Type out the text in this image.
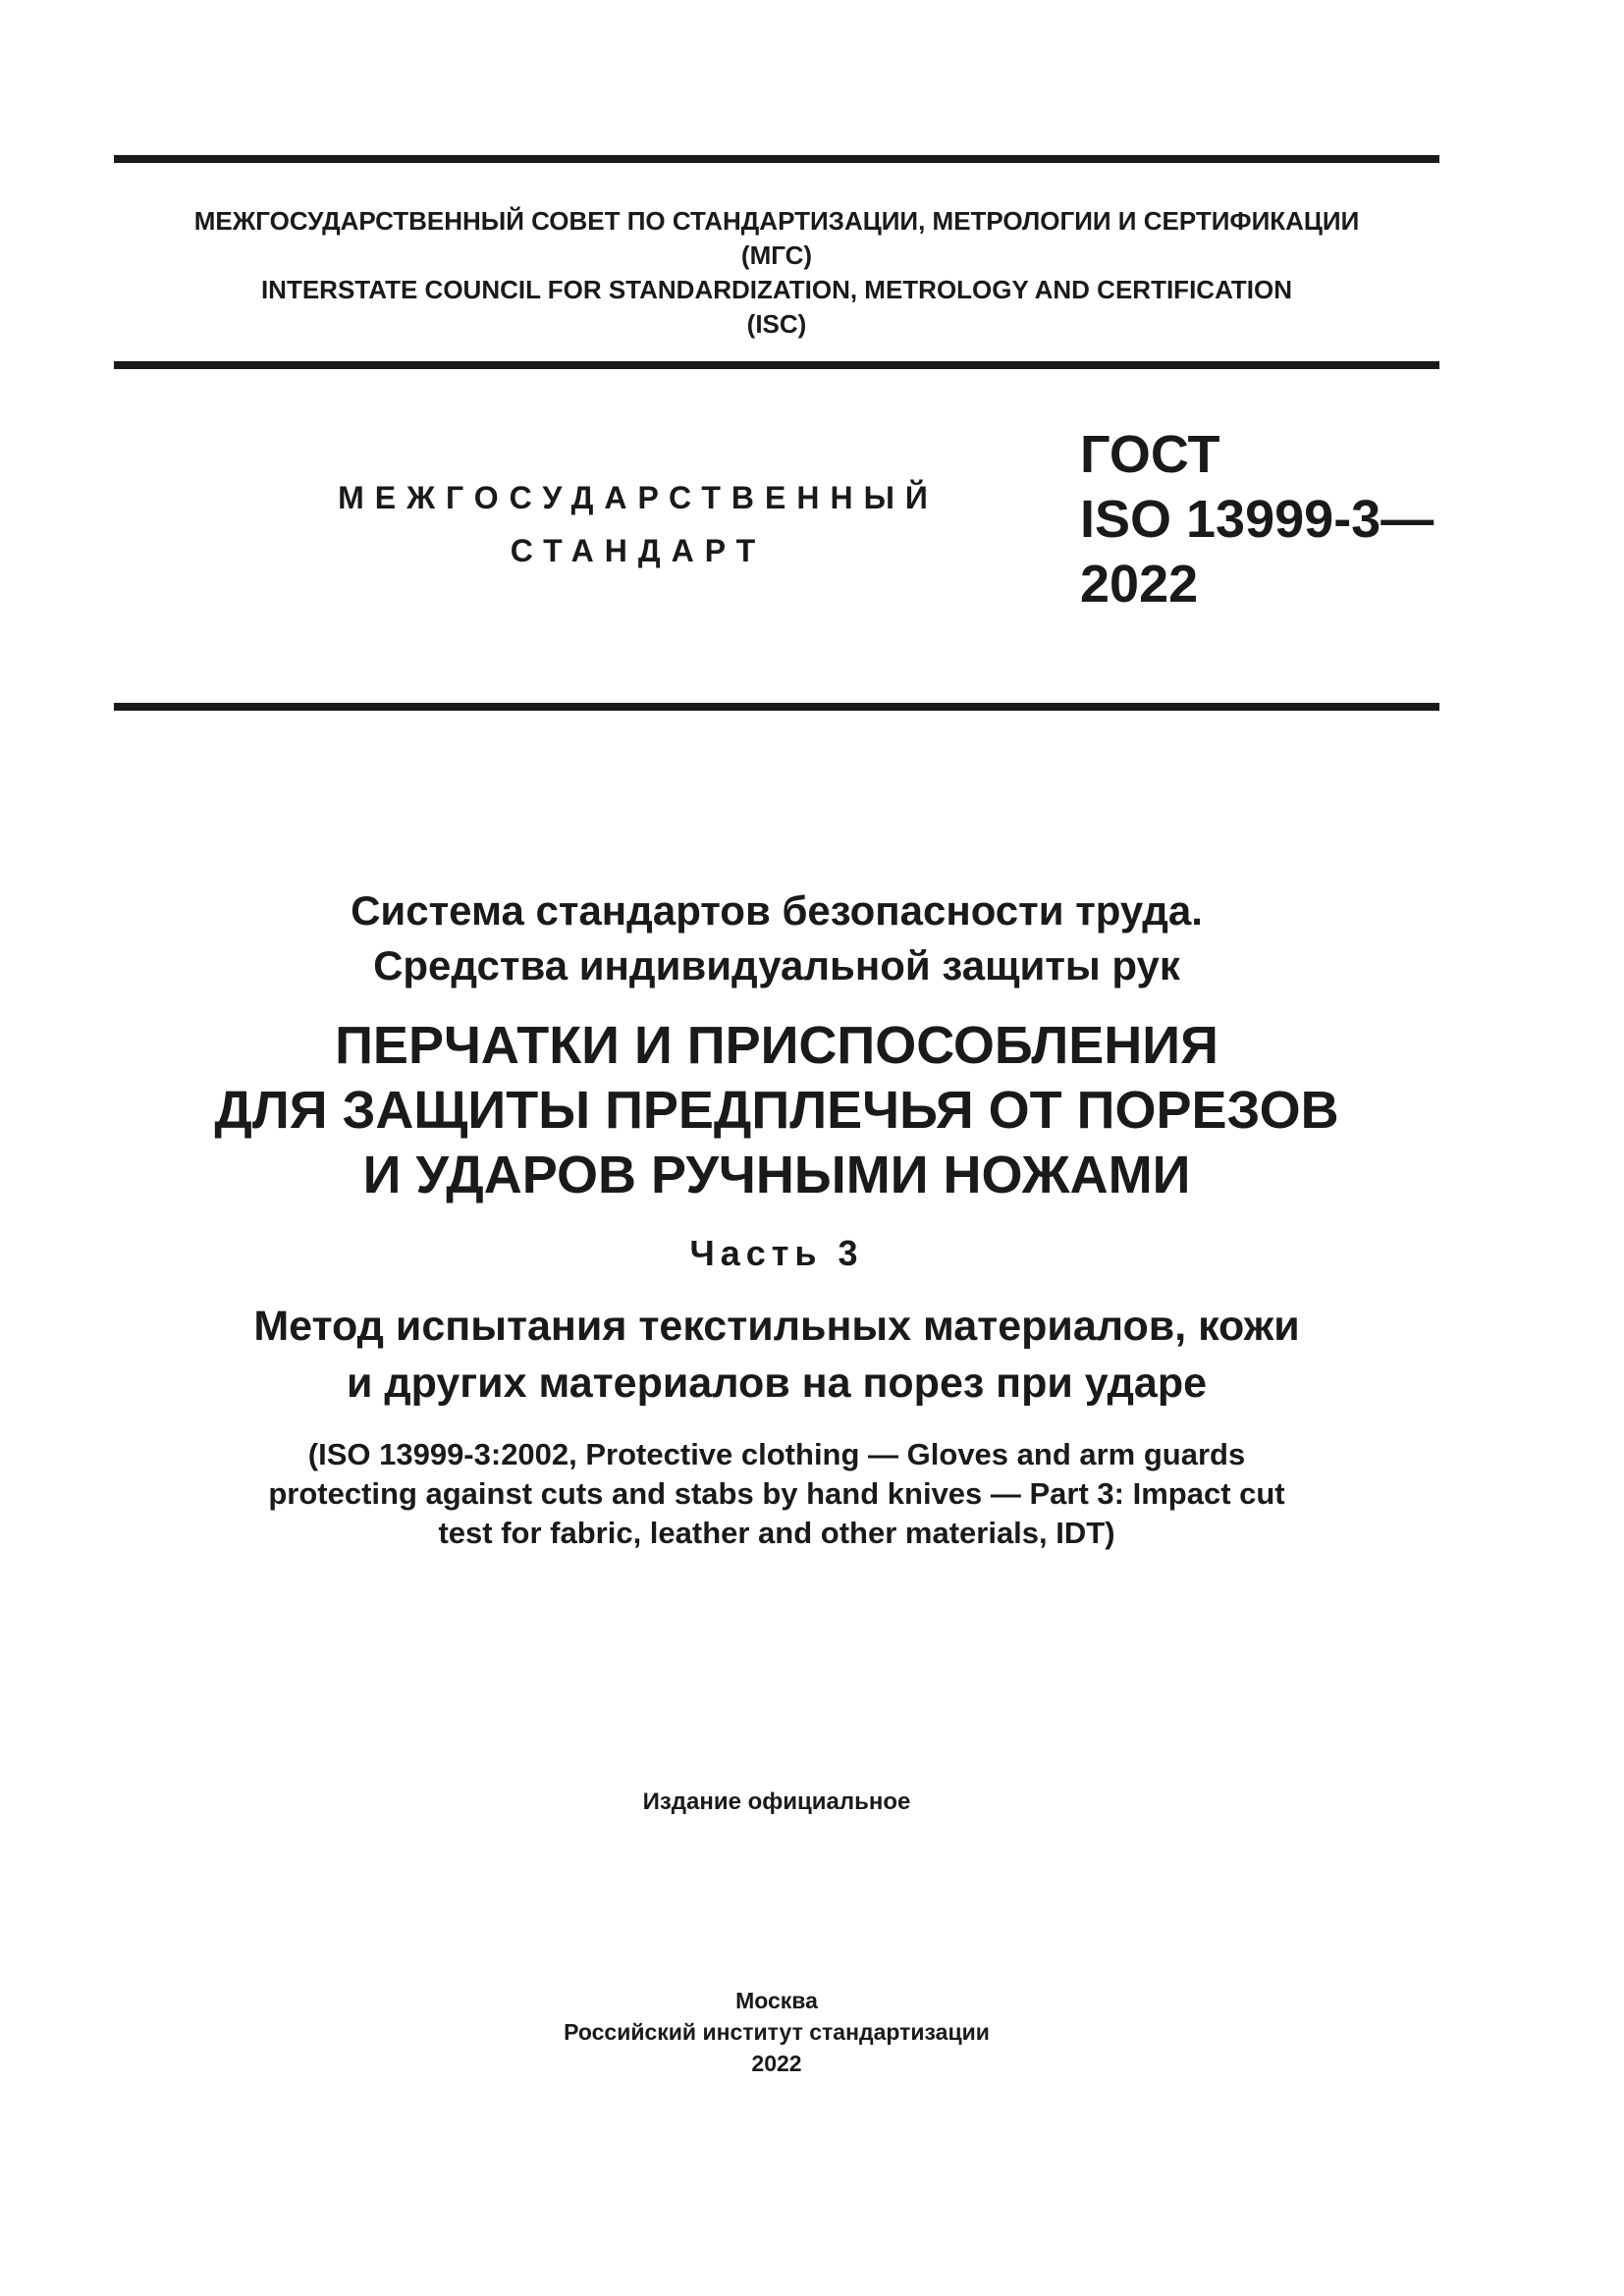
МЕЖГОСУДАРСТВЕННЫЙ СОВЕТ ПО СТАНДАРТИЗАЦИИ, МЕТРОЛОГИИ И СЕРТИФИКАЦИИ
(МГС)
INTERSTATE COUNCIL FOR STANDARDIZATION, METROLOGY AND CERTIFICATION
(ISC)
МЕЖГОСУДАРСТВЕННЫЙ
СТАНДАРТ
ГОСТ
ISO 13999-3—
2022
Система стандартов безопасности труда.
Средства индивидуальной защиты рук
ПЕРЧАТКИ И ПРИСПОСОБЛЕНИЯ
ДЛЯ ЗАЩИТЫ ПРЕДПЛЕЧЬЯ ОТ ПОРЕЗОВ
И УДАРОВ РУЧНЫМИ НОЖАМИ
Часть 3
Метод испытания текстильных материалов, кожи
и других материалов на порез при ударе
(ISO 13999-3:2002, Protective clothing — Gloves and arm guards
protecting against cuts and stabs by hand knives — Part 3: Impact cut
test for fabric, leather and other materials, IDT)
Издание официальное
Москва
Российский институт стандартизации
2022
